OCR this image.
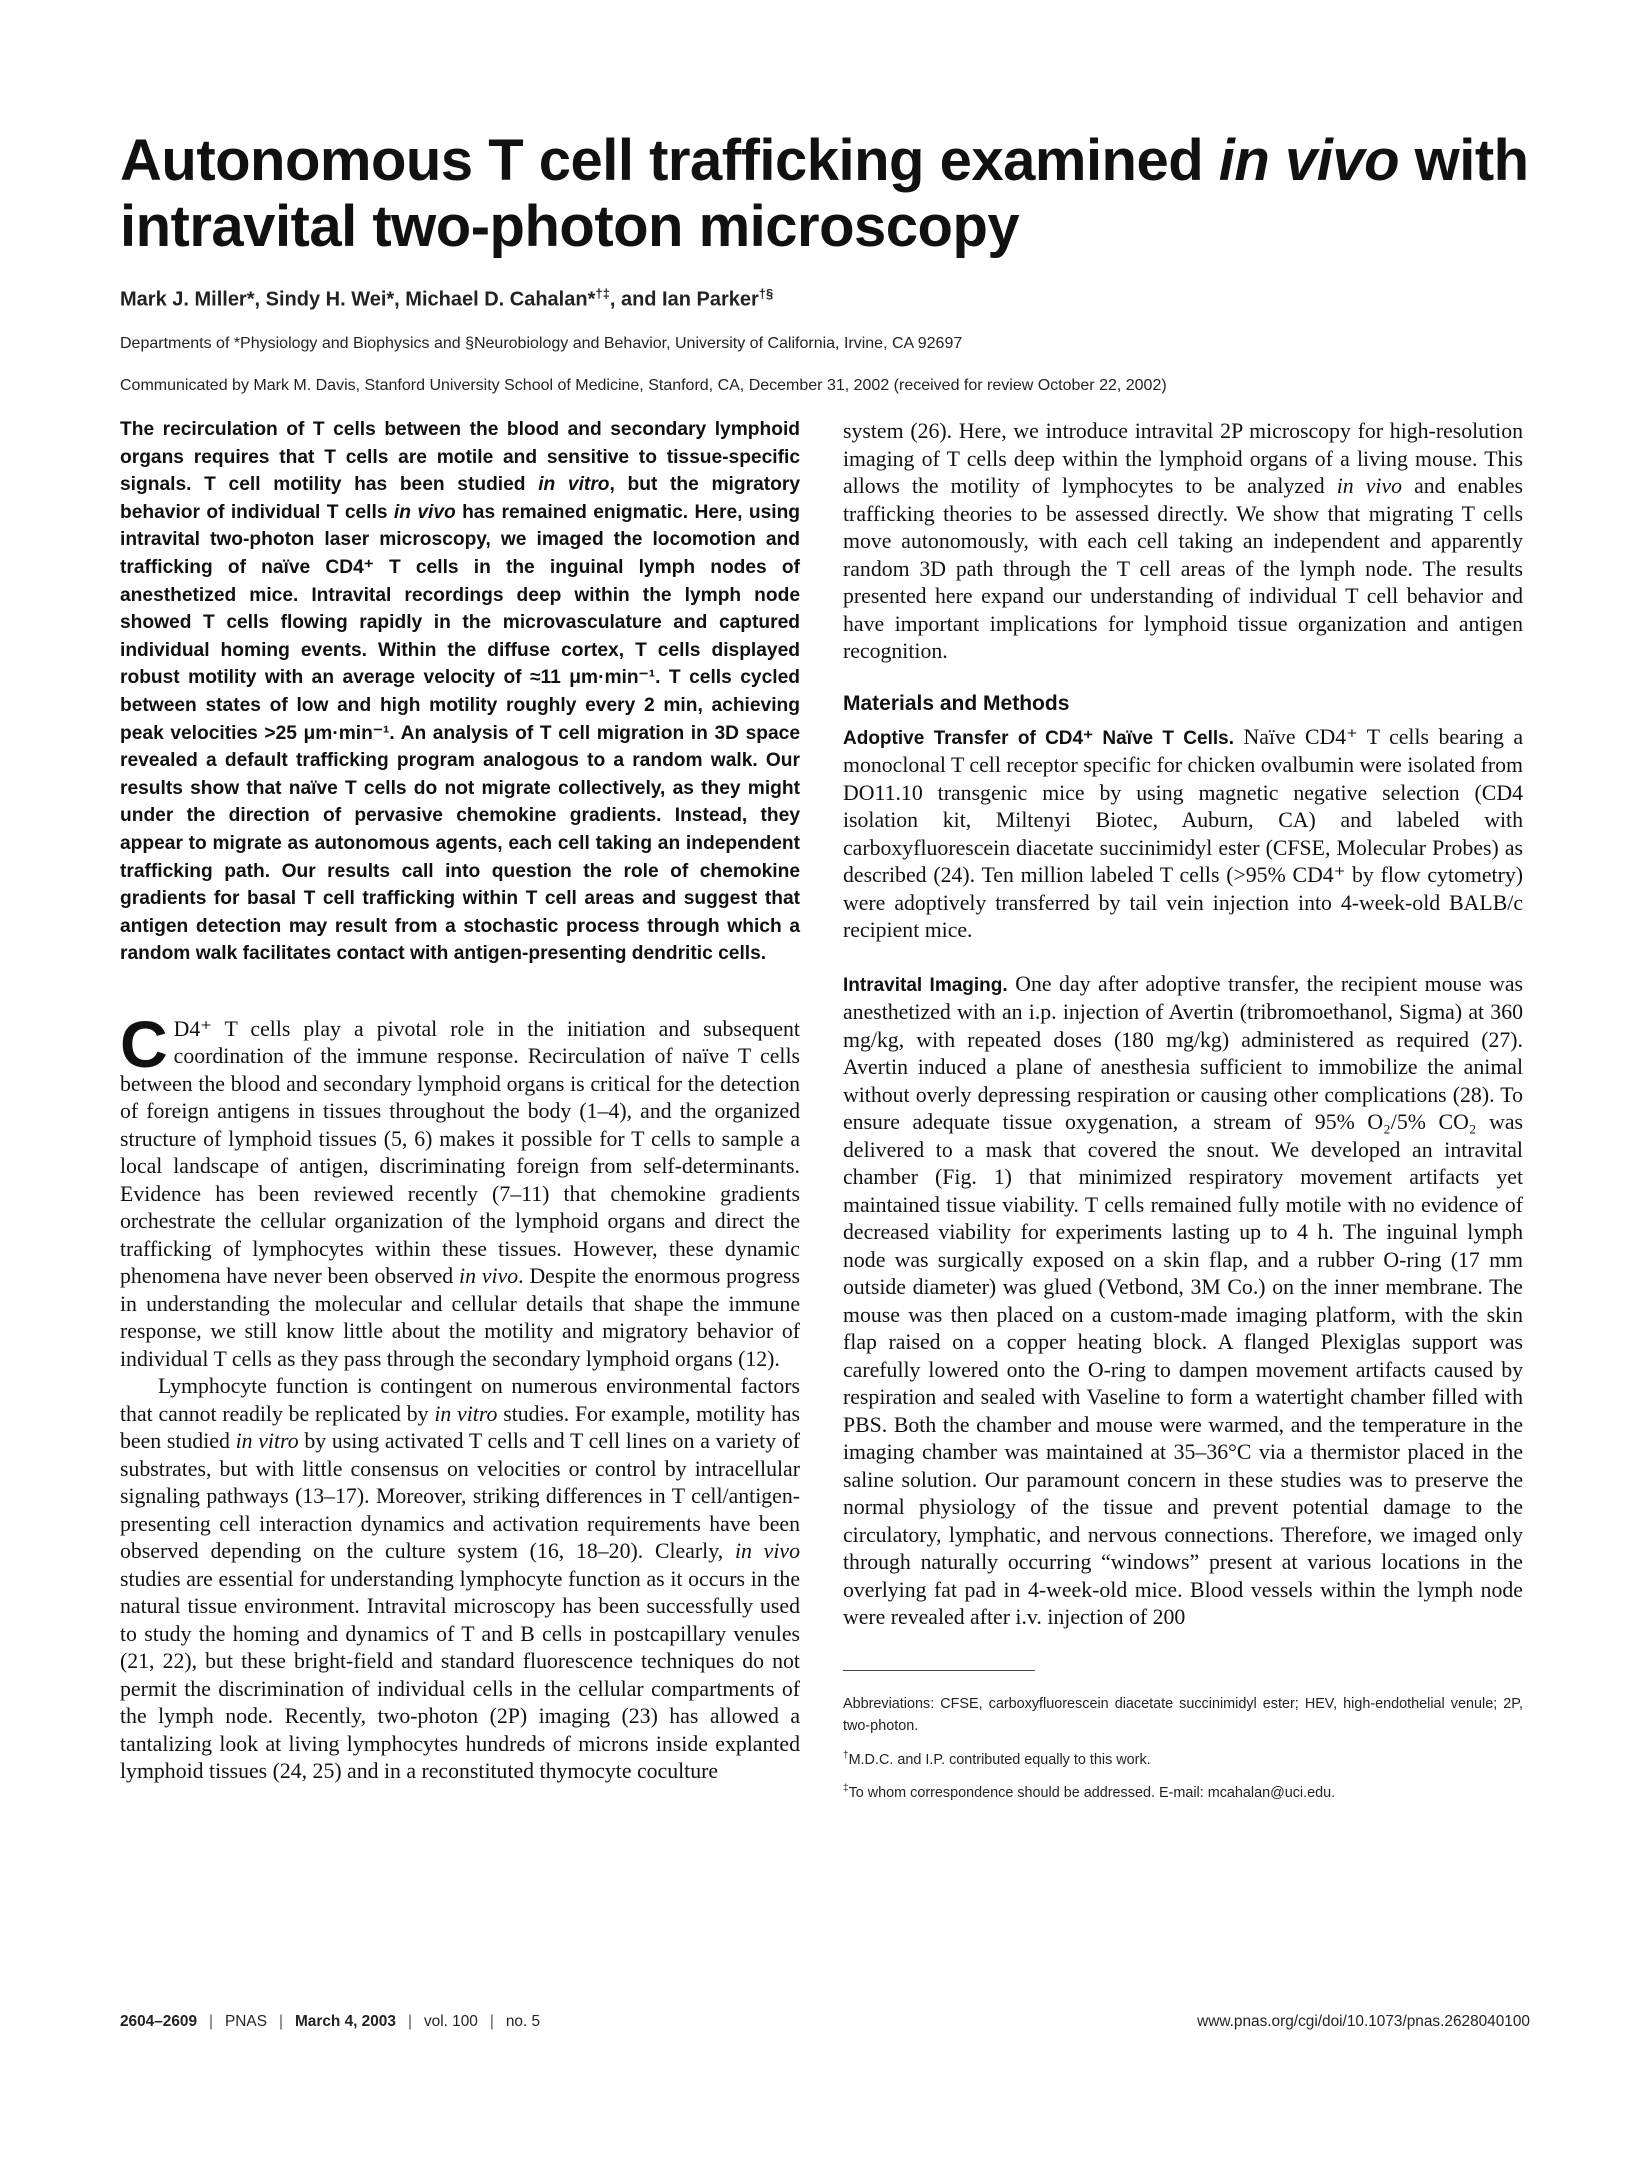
Autonomous T cell trafficking examined in vivo with intravital two-photon microscopy
Mark J. Miller*, Sindy H. Wei*, Michael D. Cahalan*†‡, and Ian Parker†§
Departments of *Physiology and Biophysics and §Neurobiology and Behavior, University of California, Irvine, CA 92697
Communicated by Mark M. Davis, Stanford University School of Medicine, Stanford, CA, December 31, 2002 (received for review October 22, 2002)

The recirculation of T cells between the blood and secondary lymphoid organs requires that T cells are motile and sensitive to tissue-specific signals. T cell motility has been studied in vitro, but the migratory behavior of individual T cells in vivo has remained enigmatic. Here, using intravital two-photon laser microscopy, we imaged the locomotion and trafficking of naïve CD4⁺ T cells in the inguinal lymph nodes of anesthetized mice. Intravital recordings deep within the lymph node showed T cells flowing rapidly in the microvasculature and captured individual homing events. Within the diffuse cortex, T cells displayed robust motility with an average velocity of ≈11 μm·min⁻¹. T cells cycled between states of low and high motility roughly every 2 min, achieving peak velocities >25 μm·min⁻¹. An analysis of T cell migration in 3D space revealed a default trafficking program analogous to a random walk. Our results show that naïve T cells do not migrate collectively, as they might under the direction of pervasive chemokine gradients. Instead, they appear to migrate as autonomous agents, each cell taking an independent trafficking path. Our results call into question the role of chemokine gradients for basal T cell trafficking within T cell areas and suggest that antigen detection may result from a stochastic process through which a random walk facilitates contact with antigen-presenting dendritic cells.

C D4⁺ T cells play a pivotal role in the initiation and subsequent coordination of the immune response. Recirculation of naïve T cells between the blood and secondary lymphoid organs is critical for the detection of foreign antigens in tissues throughout the body (1–4), and the organized structure of lymphoid tissues (5, 6) makes it possible for T cells to sample a local landscape of antigen, discriminating foreign from self-determinants. Evidence has been reviewed recently (7–11) that chemokine gradients orchestrate the cellular organization of the lymphoid organs and direct the trafficking of lymphocytes within these tissues. However, these dynamic phenomena have never been observed in vivo. Despite the enormous progress in understanding the molecular and cellular details that shape the immune response, we still know little about the motility and migratory behavior of individual T cells as they pass through the secondary lymphoid organs (12).

Lymphocyte function is contingent on numerous environmental factors that cannot readily be replicated by in vitro studies. For example, motility has been studied in vitro by using activated T cells and T cell lines on a variety of substrates, but with little consensus on velocities or control by intracellular signaling pathways (13–17). Moreover, striking differences in T cell/antigen-presenting cell interaction dynamics and activation requirements have been observed depending on the culture system (16, 18–20). Clearly, in vivo studies are essential for understanding lymphocyte function as it occurs in the natural tissue environment. Intravital microscopy has been successfully used to study the homing and dynamics of T and B cells in postcapillary venules (21, 22), but these bright-field and standard fluorescence techniques do not permit the discrimination of individual cells in the cellular compartments of the lymph node. Recently, two-photon (2P) imaging (23) has allowed a tantalizing look at living lymphocytes hundreds of microns inside explanted lymphoid tissues (24, 25) and in a reconstituted thymocyte coculture

system (26). Here, we introduce intravital 2P microscopy for high-resolution imaging of T cells deep within the lymphoid organs of a living mouse. This allows the motility of lymphocytes to be analyzed in vivo and enables trafficking theories to be assessed directly. We show that migrating T cells move autonomously, with each cell taking an independent and apparently random 3D path through the T cell areas of the lymph node. The results presented here expand our understanding of individual T cell behavior and have important implications for lymphoid tissue organization and antigen recognition.

Materials and Methods

Adoptive Transfer of CD4⁺ Naïve T Cells. Naïve CD4⁺ T cells bearing a monoclonal T cell receptor specific for chicken ovalbumin were isolated from DO11.10 transgenic mice by using magnetic negative selection (CD4 isolation kit, Miltenyi Biotec, Auburn, CA) and labeled with carboxyfluorescein diacetate succinimidyl ester (CFSE, Molecular Probes) as described (24). Ten million labeled T cells (>95% CD4⁺ by flow cytometry) were adoptively transferred by tail vein injection into 4-week-old BALB/c recipient mice.

Intravital Imaging. One day after adoptive transfer, the recipient mouse was anesthetized with an i.p. injection of Avertin (tribromoethanol, Sigma) at 360 mg/kg, with repeated doses (180 mg/kg) administered as required (27). Avertin induced a plane of anesthesia sufficient to immobilize the animal without overly depressing respiration or causing other complications (28). To ensure adequate tissue oxygenation, a stream of 95% O₂/5% CO₂ was delivered to a mask that covered the snout. We developed an intravital chamber (Fig. 1) that minimized respiratory movement artifacts yet maintained tissue viability. T cells remained fully motile with no evidence of decreased viability for experiments lasting up to 4 h. The inguinal lymph node was surgically exposed on a skin flap, and a rubber O-ring (17 mm outside diameter) was glued (Vetbond, 3M Co.) on the inner membrane. The mouse was then placed on a custom-made imaging platform, with the skin flap raised on a copper heating block. A flanged Plexiglas support was carefully lowered onto the O-ring to dampen movement artifacts caused by respiration and sealed with Vaseline to form a watertight chamber filled with PBS. Both the chamber and mouse were warmed, and the temperature in the imaging chamber was maintained at 35–36°C via a thermistor placed in the saline solution. Our paramount concern in these studies was to preserve the normal physiology of the tissue and prevent potential damage to the circulatory, lymphatic, and nervous connections. Therefore, we imaged only through naturally occurring “windows” present at various locations in the overlying fat pad in 4-week-old mice. Blood vessels within the lymph node were revealed after i.v. injection of 200

Abbreviations: CFSE, carboxyfluorescein diacetate succinimidyl ester; HEV, high-endothelial venule; 2P, two-photon.

†M.D.C. and I.P. contributed equally to this work.

‡To whom correspondence should be addressed. E-mail: mcahalan@uci.edu.

2604–2609 | PNAS | March 4, 2003 | vol. 100 | no. 5	www.pnas.org/cgi/doi/10.1073/pnas.2628040100
